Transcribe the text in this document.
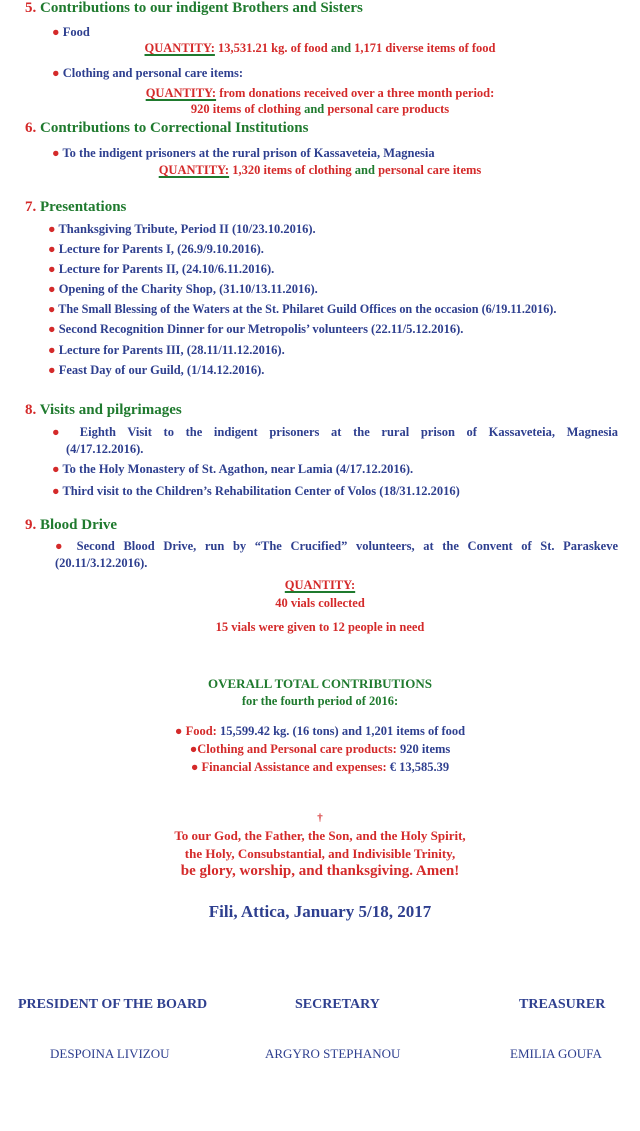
5. Contributions to our indigent Brothers and Sisters
● Food
QUANTITY: 13,531.21 kg. of food and 1,171 diverse items of food
● Clothing and personal care items:
QUANTITY: from donations received over a three month period:
920 items of clothing and personal care products
6. Contributions to Correctional Institutions
● To the indigent prisoners at the rural prison of Kassaveteia, Magnesia
QUANTITY: 1,320 items of clothing and personal care items
7. Presentations
● Thanksgiving Tribute, Period II (10/23.10.2016).
● Lecture for Parents I, (26.9/9.10.2016).
● Lecture for Parents II, (24.10/6.11.2016).
● Opening of the Charity Shop, (31.10/13.11.2016).
● The Small Blessing of the Waters at the St. Philaret Guild Offices on the occasion (6/19.11.2016).
● Second Recognition Dinner for our Metropolis’ volunteers (22.11/5.12.2016).
● Lecture for Parents III, (28.11/11.12.2016).
● Feast Day of our Guild, (1/14.12.2016).
8. Visits and pilgrimages
● Eighth Visit to the indigent prisoners at the rural prison of Kassaveteia, Magnesia
(4/17.12.2016).
● To the Holy Monastery of St. Agathon, near Lamia (4/17.12.2016).
● Third visit to the Children’s Rehabilitation Center of Volos (18/31.12.2016)
9. Blood Drive
● Second Blood Drive, run by “The Crucified” volunteers, at the Convent of St. Paraskeve
(20.11/3.12.2016).
QUANTITY:
40 vials collected
15 vials were given to 12 people in need
OVERALL TOTAL CONTRIBUTIONS
for the fourth period of 2016:
● Food: 15,599.42 kg. (16 tons) and 1,201 items of food
●Clothing and Personal care products: 920 items
● Financial Assistance and expenses: € 13,585.39
†
To our God, the Father, the Son, and the Holy Spirit,
the Holy, Consubstantial, and Indivisible Trinity,
be glory, worship, and thanksgiving. Amen!
Fili, Attica, January 5/18, 2017
PRESIDENT OF THE BOARD	SECRETARY	TREASURER
DESPOINA LIVIZOU	ARGYRO STEPHANOU	EMILIA GOUFA
